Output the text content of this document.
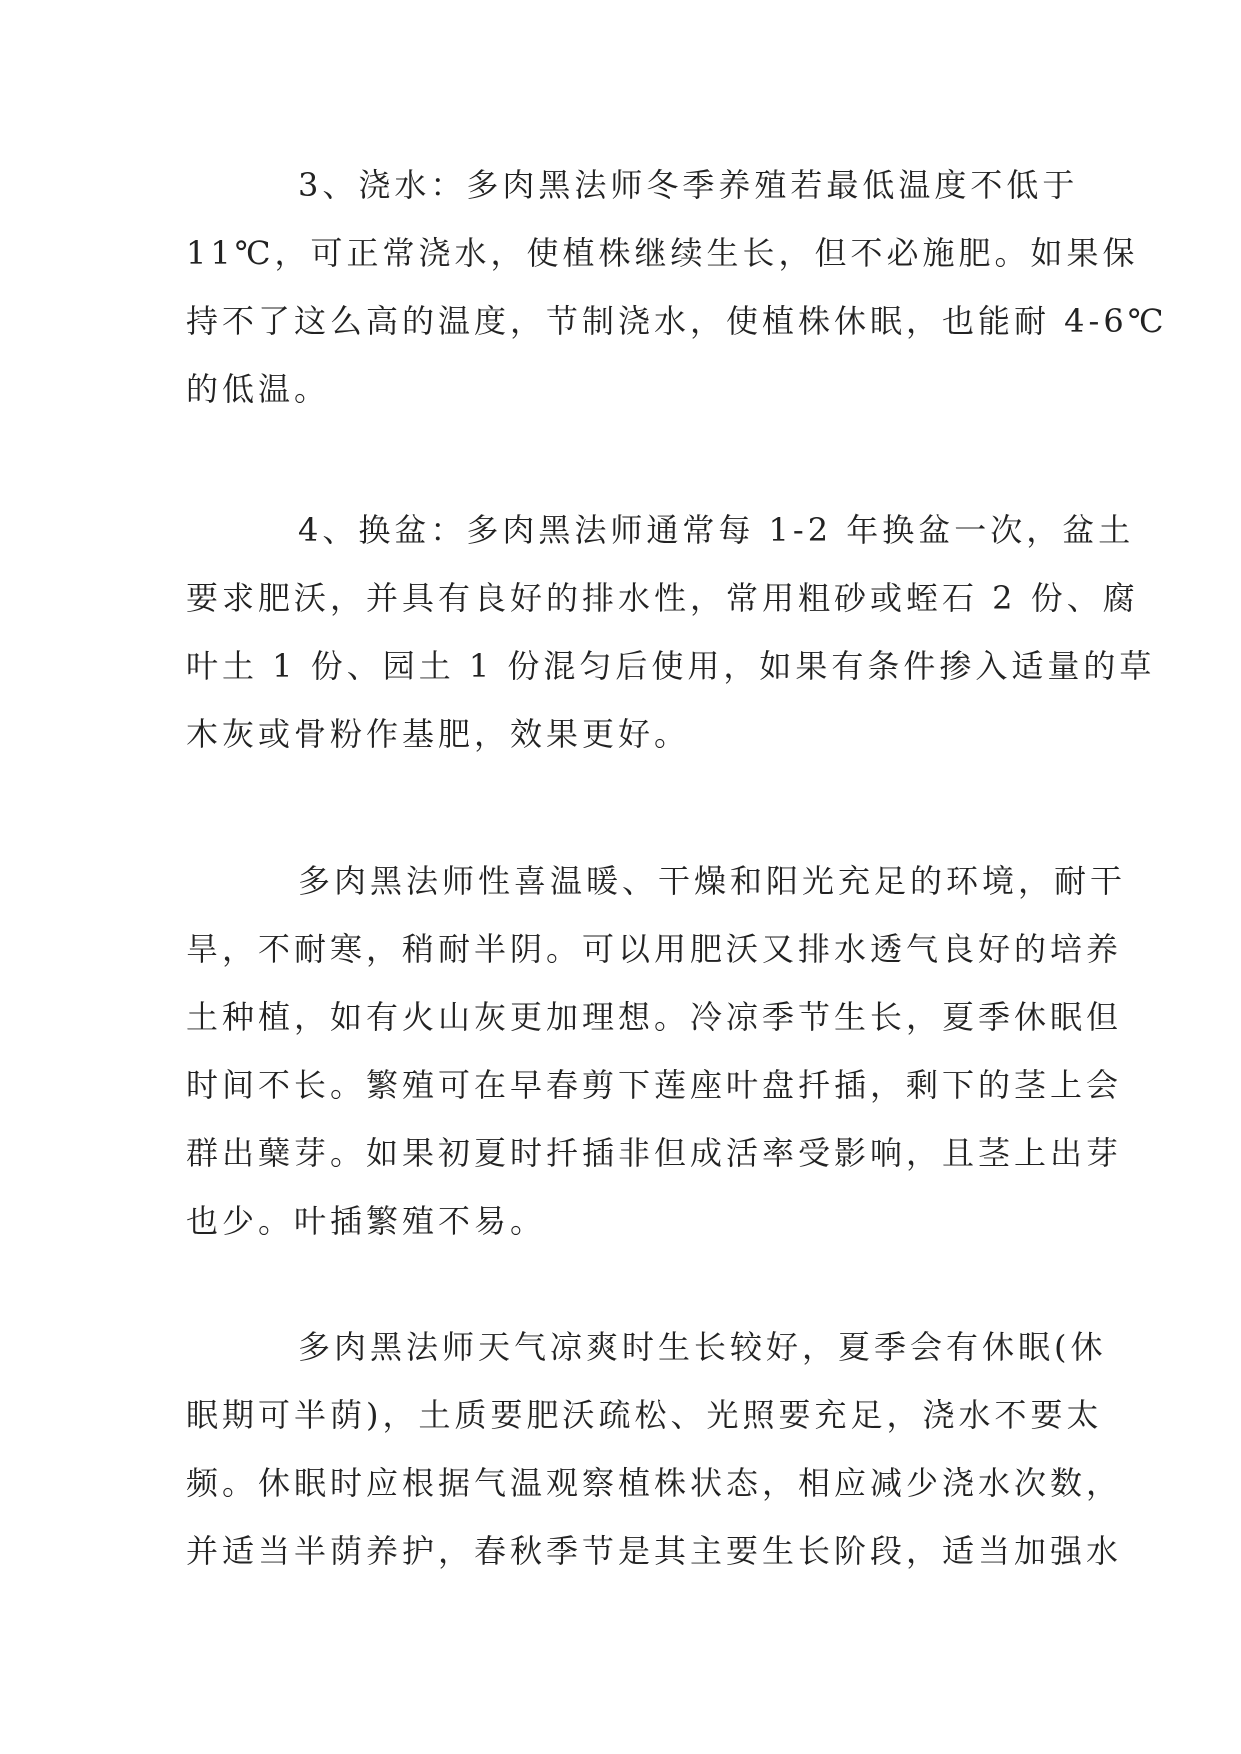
3、浇水：多肉黑法师冬季养殖若最低温度不低于
11℃，可正常浇水，使植株继续生长，但不必施肥。如果保
持不了这么高的温度，节制浇水，使植株休眠，也能耐 4-6℃
的低温。
4、换盆：多肉黑法师通常每 1-2 年换盆一次，盆土
要求肥沃，并具有良好的排水性，常用粗砂或蛭石 2 份、腐
叶土 1 份、园土 1 份混匀后使用，如果有条件掺入适量的草
木灰或骨粉作基肥，效果更好。
多肉黑法师性喜温暖、干燥和阳光充足的环境，耐干
旱，不耐寒，稍耐半阴。可以用肥沃又排水透气良好的培养
土种植，如有火山灰更加理想。冷凉季节生长，夏季休眠但
时间不长。繁殖可在早春剪下莲座叶盘扦插，剩下的茎上会
群出蘖芽。如果初夏时扦插非但成活率受影响，且茎上出芽
也少。叶插繁殖不易。
多肉黑法师天气凉爽时生长较好，夏季会有休眠(休
眠期可半荫)，土质要肥沃疏松、光照要充足，浇水不要太
频。休眠时应根据气温观察植株状态，相应减少浇水次数，
并适当半荫养护，春秋季节是其主要生长阶段，适当加强水
